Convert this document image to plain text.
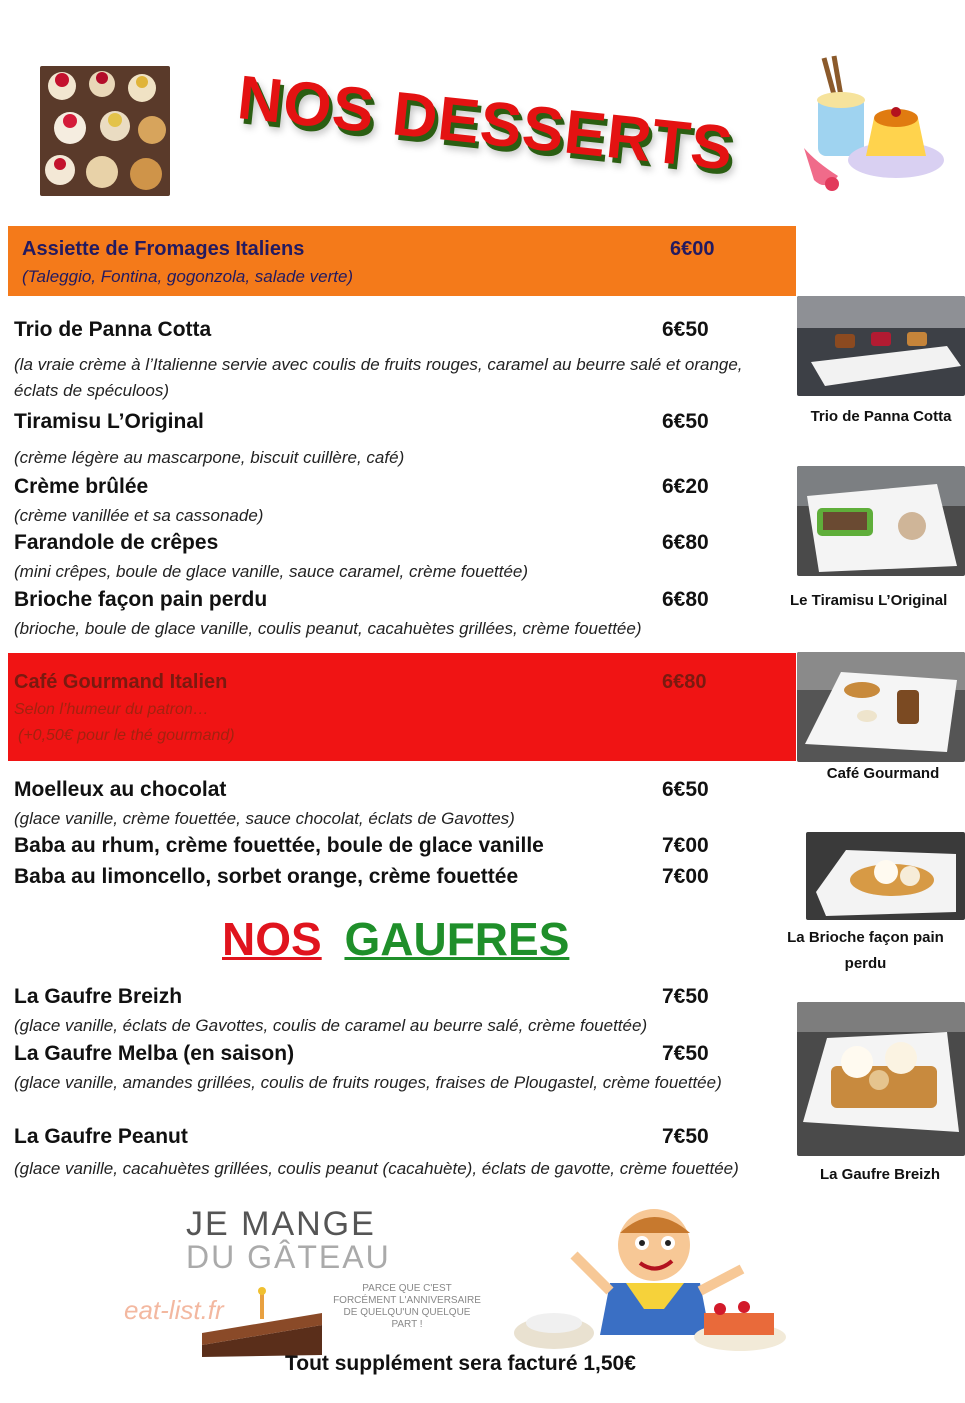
NOS DESSERTS
Assiette de Fromages Italiens	6€00
(Taleggio, Fontina, gogonzola, salade verte)
Trio de Panna Cotta	6€50
(la vraie crème à l’Italienne servie avec coulis de fruits rouges, caramel au beurre salé et orange, éclats de spéculoos)
Tiramisu L’Original	6€50
(crème légère au mascarpone, biscuit cuillère, café)
Crème brûlée	6€20
(crème vanillée et sa cassonade)
Farandole de crêpes	6€80
(mini crêpes, boule de glace vanille, sauce caramel, crème fouettée)
Brioche façon pain perdu	6€80
(brioche, boule de glace vanille, coulis peanut, cacahuètes grillées, crème fouettée)
Café Gourmand Italien	6€80
Selon l’humeur du patron…
(+0,50€ pour le thé gourmand)
Moelleux au chocolat	6€50
(glace vanille, crème fouettée, sauce chocolat, éclats de Gavottes)
Baba au rhum, crème fouettée, boule de glace vanille	7€00
Baba au limoncello, sorbet orange, crème fouettée	7€00
NOS GAUFRES
La Gaufre Breizh	7€50
(glace vanille, éclats de Gavottes, coulis de caramel au beurre salé, crème fouettée)
La Gaufre Melba (en saison)	7€50
(glace vanille, amandes grillées, coulis de fruits rouges, fraises de Plougastel, crème fouettée)
La Gaufre Peanut	7€50
(glace vanille, cacahuètes grillées, coulis peanut (cacahuète), éclats de gavotte, crème fouettée)
Trio de Panna Cotta
Le Tiramisu L’Original
Café Gourmand
La Brioche façon pain perdu
La Gaufre Breizh
JE MANGE
DU GÂTEAU
PARCE QUE C'EST FORCÉMENT L'ANNIVERSAIRE DE QUELQU'UN QUELQUE PART !
eat-list.fr
Tout supplément sera facturé 1,50€
